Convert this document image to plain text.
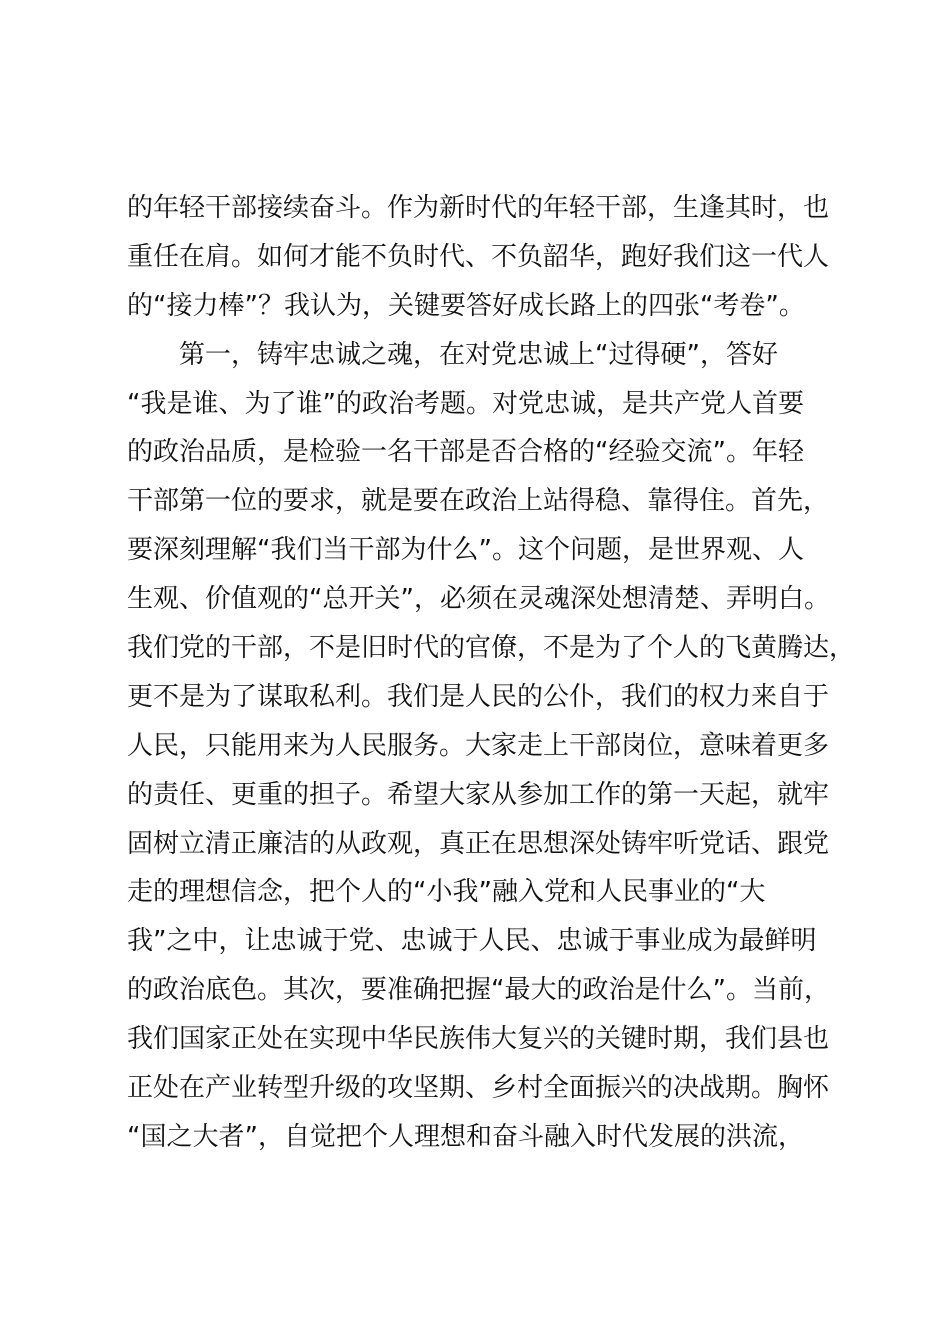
的年轻干部接续奋斗。作为新时代的年轻干部，生逢其时，也
重任在肩。如何才能不负时代、不负韶华，跑好我们这一代人
的“接力棒”？我认为，关键要答好成长路上的四张“考卷”。
　　第一，铸牢忠诚之魂，在对党忠诚上“过得硬”，答好
“我是谁、为了谁”的政治考题。对党忠诚，是共产党人首要
的政治品质，是检验一名干部是否合格的“经验交流”。年轻
干部第一位的要求，就是要在政治上站得稳、靠得住。首先，
要深刻理解“我们当干部为什么”。这个问题，是世界观、人
生观、价值观的“总开关”，必须在灵魂深处想清楚、弄明白。
我们党的干部，不是旧时代的官僚，不是为了个人的飞黄腾达，
更不是为了谋取私利。我们是人民的公仆，我们的权力来自于
人民，只能用来为人民服务。大家走上干部岗位，意味着更多
的责任、更重的担子。希望大家从参加工作的第一天起，就牢
固树立清正廉洁的从政观，真正在思想深处铸牢听党话、跟党
走的理想信念，把个人的“小我”融入党和人民事业的“大
我”之中，让忠诚于党、忠诚于人民、忠诚于事业成为最鲜明
的政治底色。其次，要准确把握“最大的政治是什么”。当前，
我们国家正处在实现中华民族伟大复兴的关键时期，我们县也
正处在产业转型升级的攻坚期、乡村全面振兴的决战期。胸怀
“国之大者”，自觉把个人理想和奋斗融入时代发展的洪流，
